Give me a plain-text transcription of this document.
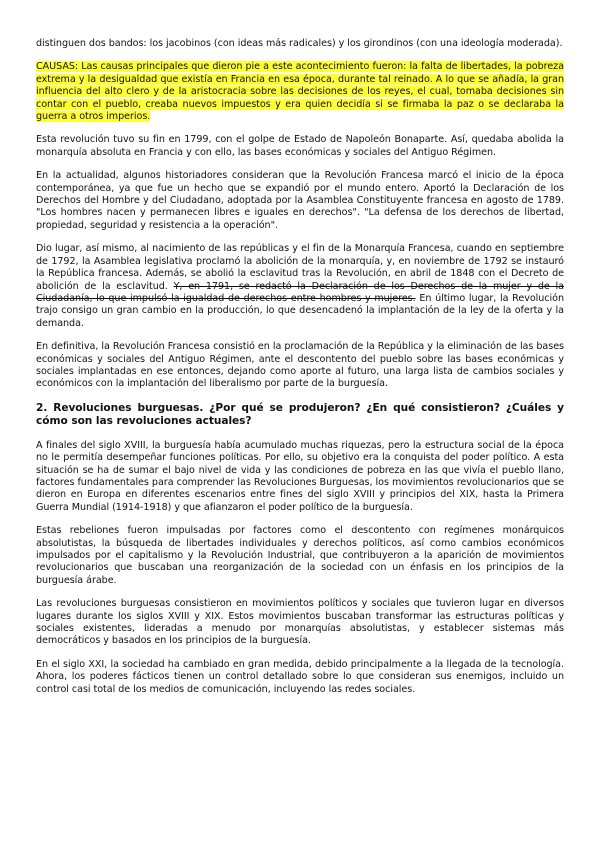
distinguen dos bandos: los jacobinos (con ideas más radicales) y los girondinos (con una ideología moderada).

CAUSAS: Las causas principales que dieron pie a este acontecimiento fueron: la falta de libertades, la pobreza extrema y la desigualdad que existía en Francia en esa época, durante tal reinado. A lo que se añadía, la gran influencia del alto clero y de la aristocracia sobre las decisiones de los reyes, el cual, tomaba decisiones sin contar con el pueblo, creaba nuevos impuestos y era quien decidía si se firmaba la paz o se declaraba la guerra a otros imperios.

Esta revolución tuvo su fin en 1799, con el golpe de Estado de Napoleón Bonaparte. Así, quedaba abolida la monarquía absoluta en Francia y con ello, las bases económicas y sociales del Antiguo Régimen.

En la actualidad, algunos historiadores consideran que la Revolución Francesa marcó el inicio de la época contemporánea, ya que fue un hecho que se expandió por el mundo entero. Aportó la Declaración de los Derechos del Hombre y del Ciudadano, adoptada por la Asamblea Constituyente francesa en agosto de 1789. "Los hombres nacen y permanecen libres e iguales en derechos". "La defensa de los derechos de libertad, propiedad, seguridad y resistencia a la operación".

Dio lugar, así mismo, al nacimiento de las repúblicas y el fin de la Monarquía Francesa, cuando en septiembre de 1792, la Asamblea legislativa proclamó la abolición de la monarquía, y, en noviembre de 1792 se instauró la República francesa. Además, se abolió la esclavitud tras la Revolución, en abril de 1848 con el Decreto de abolición de la esclavitud. Y, en 1791, se redactó la Declaración de los Derechos de la mujer y de la Ciudadanía, lo que impulsó la igualdad de derechos entre hombres y mujeres. En último lugar, la Revolución trajo consigo un gran cambio en la producción, lo que desencadenó la implantación de la ley de la oferta y la demanda.

En definitiva, la Revolución Francesa consistió en la proclamación de la República y la eliminación de las bases económicas y sociales del Antiguo Régimen, ante el descontento del pueblo sobre las bases económicas y sociales implantadas en ese entonces, dejando como aporte al futuro, una larga lista de cambios sociales y económicos con la implantación del liberalismo por parte de la burguesía.

2. Revoluciones burguesas. ¿Por qué se produjeron? ¿En qué consistieron? ¿Cuáles y cómo son las revoluciones actuales?

A finales del siglo XVIII, la burguesía había acumulado muchas riquezas, pero la estructura social de la época no le permitía desempeñar funciones políticas. Por ello, su objetivo era la conquista del poder político. A esta situación se ha de sumar el bajo nivel de vida y las condiciones de pobreza en las que vivía el pueblo llano, factores fundamentales para comprender las Revoluciones Burguesas, los movimientos revolucionarios que se dieron en Europa en diferentes escenarios entre fines del siglo XVIII y principios del XIX, hasta la Primera Guerra Mundial (1914-1918) y que afianzaron el poder político de la burguesía.

Estas rebeliones fueron impulsadas por factores como el descontento con regímenes monárquicos absolutistas, la búsqueda de libertades individuales y derechos políticos, así como cambios económicos impulsados por el capitalismo y la Revolución Industrial, que contribuyeron a la aparición de movimientos revolucionarios que buscaban una reorganización de la sociedad con un énfasis en los principios de la burguesía árabe.

Las revoluciones burguesas consistieron en movimientos políticos y sociales que tuvieron lugar en diversos lugares durante los siglos XVIII y XIX. Estos movimientos buscaban transformar las estructuras políticas y sociales existentes, lideradas a menudo por monarquías absolutistas, y establecer sistemas más democráticos y basados en los principios de la burguesía.

En el siglo XXI, la sociedad ha cambiado en gran medida, debido principalmente a la llegada de la tecnología. Ahora, los poderes fácticos tienen un control detallado sobre lo que consideran sus enemigos, incluido un control casi total de los medios de comunicación, incluyendo las redes sociales.
